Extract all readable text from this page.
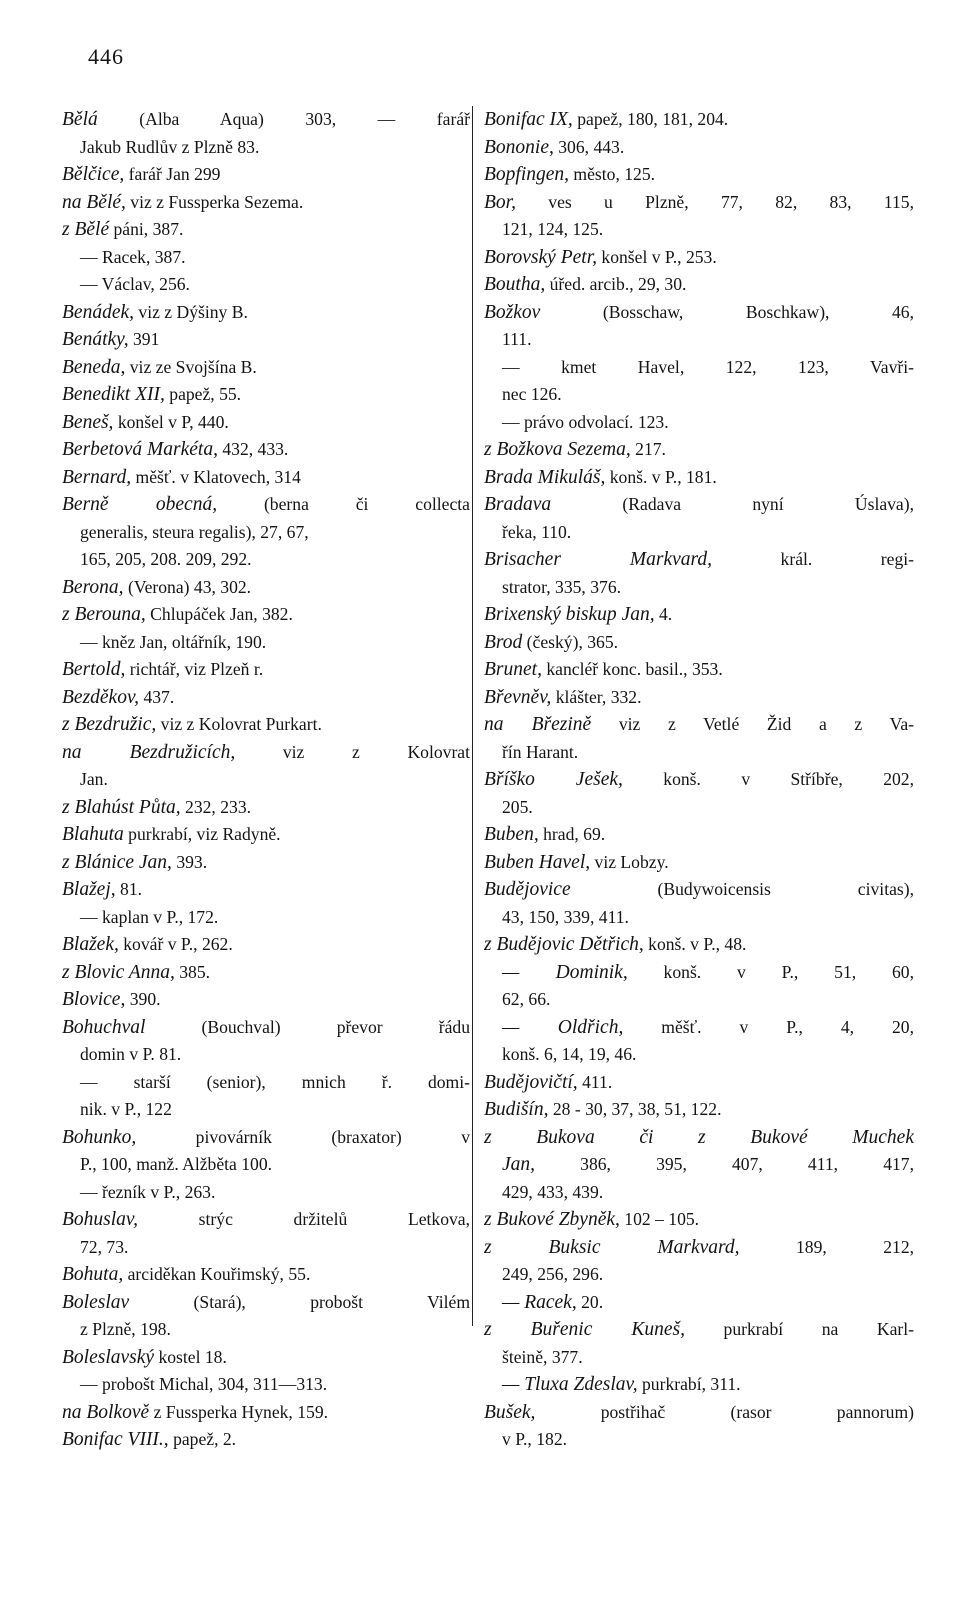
446
Bělá (Alba Aqua) 303, — farář
Jakub Rudlův z Plzně 83.
Bělčice, farář Jan 299
na Bělé, viz z Fussperka Sezema.
z Bělé páni, 387.
— Racek, 387.
— Václav, 256.
Benádek, viz z Dýšiny B.
Benátky, 391
Beneda, viz ze Svojšína B.
Benedikt XII, papež, 55.
Beneš, konšel v P, 440.
Berbetová Markéta, 432, 433.
Bernard, měšť. v Klatovech, 314
Berně obecná, (berna či collecta
generalis, steura regalis), 27, 67,
165, 205, 208. 209, 292.
Berona, (Verona) 43, 302.
z Berouna, Chlupáček Jan, 382.
— kněz Jan, oltářník, 190.
Bertold, richtář, viz Plzeň r.
Bezděkov, 437.
z Bezdružic, viz z Kolovrat Purkart.
na Bezdružicích, viz z Kolovrat
Jan.
z Blahúst Půta, 232, 233.
Blahuta purkrabí, viz Radyně.
z Blánice Jan, 393.
Blažej, 81.
— kaplan v P., 172.
Blažek, kovář v P., 262.
z Blovic Anna, 385.
Blovice, 390.
Bohuchval (Bouchval) převor řádu
domin v P. 81.
— starší (senior), mnich ř. domi-
nik. v P., 122
Bohunko, pivovárník (braxator) v
P., 100, manž. Alžběta 100.
— řezník v P., 263.
Bohuslav, strýc držitelů Letkova,
72, 73.
Bohuta, arciděkan Kouřimský, 55.
Boleslav (Stará), probošt Vilém
z Plzně, 198.
Boleslavský kostel 18.
— probošt Michal, 304, 311—313.
na Bolkově z Fussperka Hynek, 159.
Bonifac VIII., papež, 2.
Bonifac IX, papež, 180, 181, 204.
Bononie, 306, 443.
Bopfingen, město, 125.
Bor, ves u Plzně, 77, 82, 83, 115,
121, 124, 125.
Borovský Petr, konšel v P., 253.
Boutha, úřed. arcib., 29, 30.
Božkov (Bosschaw, Boschkaw), 46,
111.
— kmet Havel, 122, 123, Vavři-
nec 126.
— právo odvolací. 123.
z Božkova Sezema, 217.
Brada Mikuláš, konš. v P., 181.
Bradava (Radava nyní Úslava),
řeka, 110.
Brisacher Markvard, král. regi-
strator, 335, 376.
Brixenský biskup Jan, 4.
Brod (český), 365.
Brunet, kancléř konc. basil., 353.
Břevněv, klášter, 332.
na Březině viz z Vetlé Žid a z Va-
řín Harant.
Bříško Ješek, konš. v Stříbře, 202,
205.
Buben, hrad, 69.
Buben Havel, viz Lobzy.
Budějovice (Budywoicensis civitas),
43, 150, 339, 411.
z Budějovic Dětřich, konš. v P., 48.
— Dominik, konš. v P., 51, 60,
62, 66.
— Oldřich, měšť. v P., 4, 20,
konš. 6, 14, 19, 46.
Budějovičtí, 411.
Budišín, 28 - 30, 37, 38, 51, 122.
z Bukova či z Bukové Muchek
Jan, 386, 395, 407, 411, 417,
429, 433, 439.
z Bukové Zbyněk, 102 – 105.
z Buksic Markvard, 189, 212,
249, 256, 296.
— Racek, 20.
z Buřenic Kuneš, purkrabí na Karl-
šteině, 377.
— Tluxa Zdeslav, purkrabí, 311.
Bušek, postřihač (rasor pannorum)
v P., 182.
